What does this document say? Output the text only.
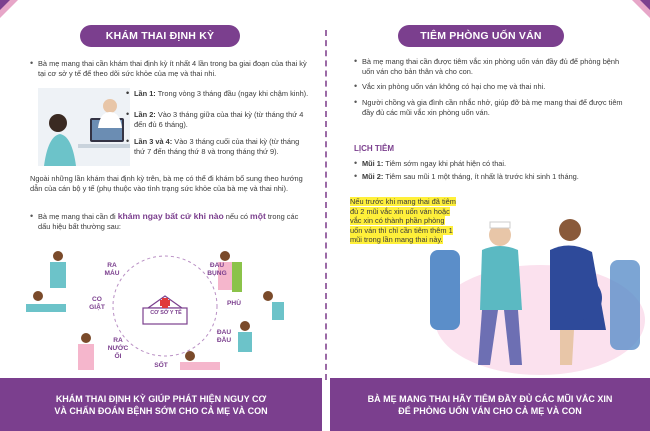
KHÁM THAI ĐỊNH KỲ
• Bà mẹ mang thai cần khám thai định kỳ ít nhất 4 lần trong ba giai đoạn của thai kỳ tại cơ sở y tế để theo dõi sức khỏe của mẹ và thai nhi.
Lần 1: Trong vòng 3 tháng đầu (ngay khi chậm kinh).
Lần 2: Vào 3 tháng giữa của thai kỳ (từ tháng thứ 4 đến đủ 6 tháng).
Lần 3 và 4: Vào 3 tháng cuối của thai kỳ (từ tháng thứ 7 đến tháng thứ 8 và trong tháng thứ 9).
•
•
•
Ngoài những lần khám thai định kỳ trên, bà mẹ có thể đi khám bổ sung theo hướng dẫn của cán bộ y tế (phụ thuộc vào tình trạng sức khỏe của bà mẹ và thai nhi).
• Bà mẹ mang thai cần đi khám ngay bất cứ khi nào nếu có một trong các dấu hiệu bất thường sau:
RA MÁU
ĐAU BỤNG
PHÙ
ĐAU ĐẦU
SỐT
RA NƯỚC ỐI
CO GIẬT
CƠ SỞ Y TẾ
KHÁM THAI ĐỊNH KỲ GIÚP PHÁT HIỆN NGUY CƠ
VÀ CHẨN ĐOÁN BỆNH SỚM CHO CẢ MẸ VÀ CON
TIÊM PHÒNG UỐN VÁN
• Bà mẹ mang thai cần được tiêm vắc xin phòng uốn ván đầy đủ để phòng bệnh uốn ván cho bản thân và cho con.
• Vắc xin phòng uốn ván không có hại cho mẹ và thai nhi.
• Người chồng và gia đình cần nhắc nhở, giúp đỡ bà mẹ mang thai để được tiêm đầy đủ các mũi vắc xin phòng uốn ván.
LỊCH TIÊM
• Mũi 1: Tiêm sớm ngay khi phát hiện có thai.
• Mũi 2: Tiêm sau mũi 1 một tháng, ít nhất là trước khi sinh 1 tháng.
Nếu trước khi mang thai đã tiêm
đủ 2 mũi vắc xin uốn ván hoặc
vắc xin có thành phần phòng
uốn ván thì chỉ cần tiêm thêm 1
mũi trong lần mang thai này.
BÀ MẸ MANG THAI HÃY TIÊM ĐẦY ĐỦ CÁC MŨI VẮC XIN
ĐỂ PHÒNG UỐN VÁN CHO CẢ MẸ VÀ CON
